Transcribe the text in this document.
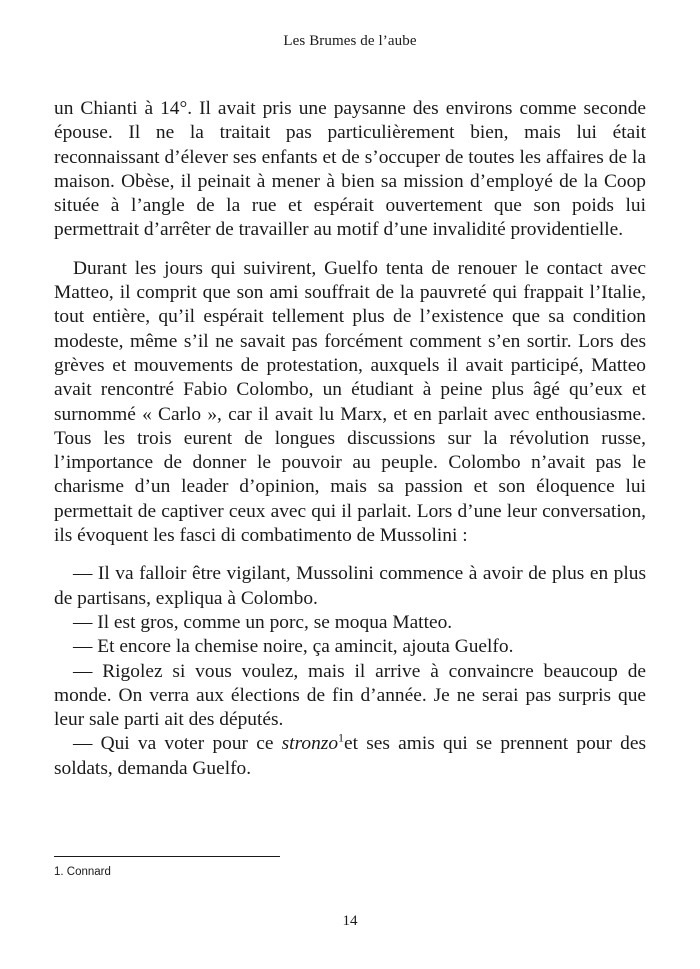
Les Brumes de l’aube

un Chianti à 14°. Il avait pris une paysanne des environs comme seconde épouse. Il ne la traitait pas particulièrement bien, mais lui était reconnaissant d’élever ses enfants et de s’occuper de toutes les affaires de la maison. Obèse, il peinait à mener à bien sa mission d’employé de la Coop située à l’angle de la rue et espérait ouvertement que son poids lui permettrait d’arrêter de travailler au motif d’une invalidité providentielle.

Durant les jours qui suivirent, Guelfo tenta de renouer le contact avec Matteo, il comprit que son ami souffrait de la pauvreté qui frappait l’Italie, tout entière, qu’il espérait tellement plus de l’existence que sa condition modeste, même s’il ne savait pas forcément comment s’en sortir. Lors des grèves et mouvements de protestation, auxquels il avait participé, Matteo avait rencontré Fabio Colombo, un étudiant à peine plus âgé qu’eux et surnommé « Carlo », car il avait lu Marx, et en parlait avec enthousiasme. Tous les trois eurent de longues discussions sur la révolution russe, l’importance de donner le pouvoir au peuple. Colombo n’avait pas le charisme d’un leader d’opinion, mais sa passion et son éloquence lui permettait de captiver ceux avec qui il parlait. Lors d’une leur conversation, ils évoquent les fasci di combatimento de Mussolini :

— Il va falloir être vigilant, Mussolini commence à avoir de plus en plus de partisans, expliqua à Colombo.

— Il est gros, comme un porc, se moqua Matteo.

— Et encore la chemise noire, ça amincit, ajouta Guelfo.

— Rigolez si vous voulez, mais il arrive à convaincre beaucoup de monde. On verra aux élections de fin d’année. Je ne serai pas surpris que leur sale parti ait des députés.

— Qui va voter pour ce stronzo$^1$et ses amis qui se prennent pour des soldats, demanda Guelfo.

1. Connard
14
